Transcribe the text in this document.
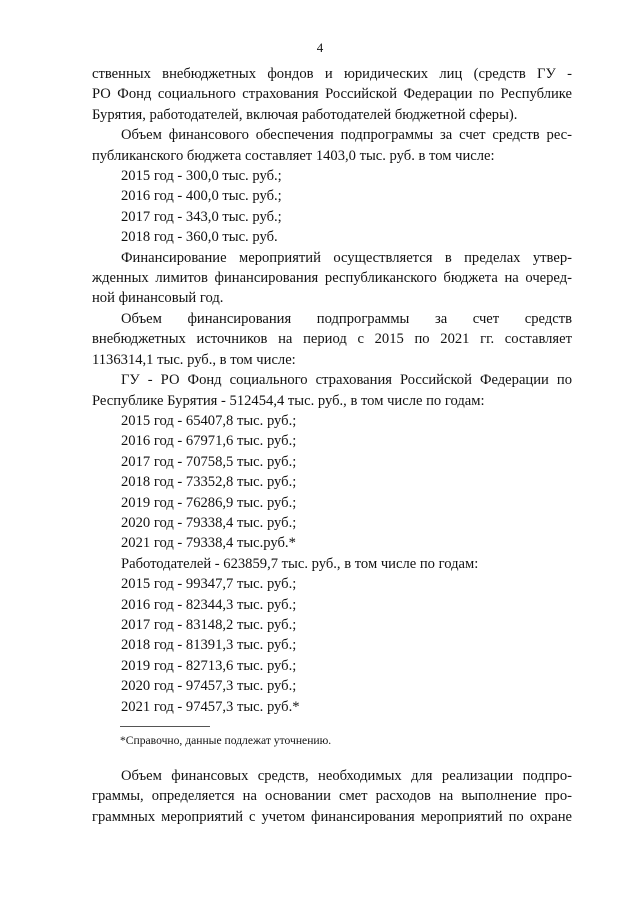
4

ственных внебюджетных фондов и юридических лиц (средств ГУ -

РО Фонд социального страхования Российской Федерации по Республике

Бурятия, работодателей, включая работодателей бюджетной сферы).

Объем финансового обеспечения подпрограммы за счет средств рес-

публиканского бюджета составляет 1403,0 тыс. руб. в том числе:

2015 год - 300,0 тыс. руб.;

2016 год - 400,0 тыс. руб.;

2017 год - 343,0 тыс. руб.;

2018 год - 360,0 тыс. руб.

Финансирование мероприятий осуществляется в пределах утвер-

жденных лимитов финансирования республиканского бюджета на очеред-

ной финансовый год.

Объем финансирования подпрограммы за счет средств

внебюджетных источников на период с 2015 по 2021 гг. составляет

1136314,1 тыс. руб., в том числе:

ГУ - РО Фонд социального страхования Российской Федерации по

Республике Бурятия - 512454,4 тыс. руб., в том числе по годам:

2015 год - 65407,8 тыс. руб.;

2016 год - 67971,6 тыс. руб.;

2017 год - 70758,5 тыс. руб.;

2018 год - 73352,8 тыс. руб.;

2019 год - 76286,9 тыс. руб.;

2020 год - 79338,4 тыс. руб.;

2021 год - 79338,4 тыс.руб.*

Работодателей - 623859,7 тыс. руб., в том числе по годам:

2015 год - 99347,7 тыс. руб.;

2016 год - 82344,3 тыс. руб.;

2017 год - 83148,2 тыс. руб.;

2018 год - 81391,3 тыс. руб.;

2019 год - 82713,6 тыс. руб.;

2020 год - 97457,3 тыс. руб.;

2021 год - 97457,3 тыс. руб.*

*Справочно, данные подлежат уточнению.

Объем финансовых средств, необходимых для реализации подпро-

граммы, определяется на основании смет расходов на выполнение про-

граммных мероприятий с учетом финансирования мероприятий по охране
